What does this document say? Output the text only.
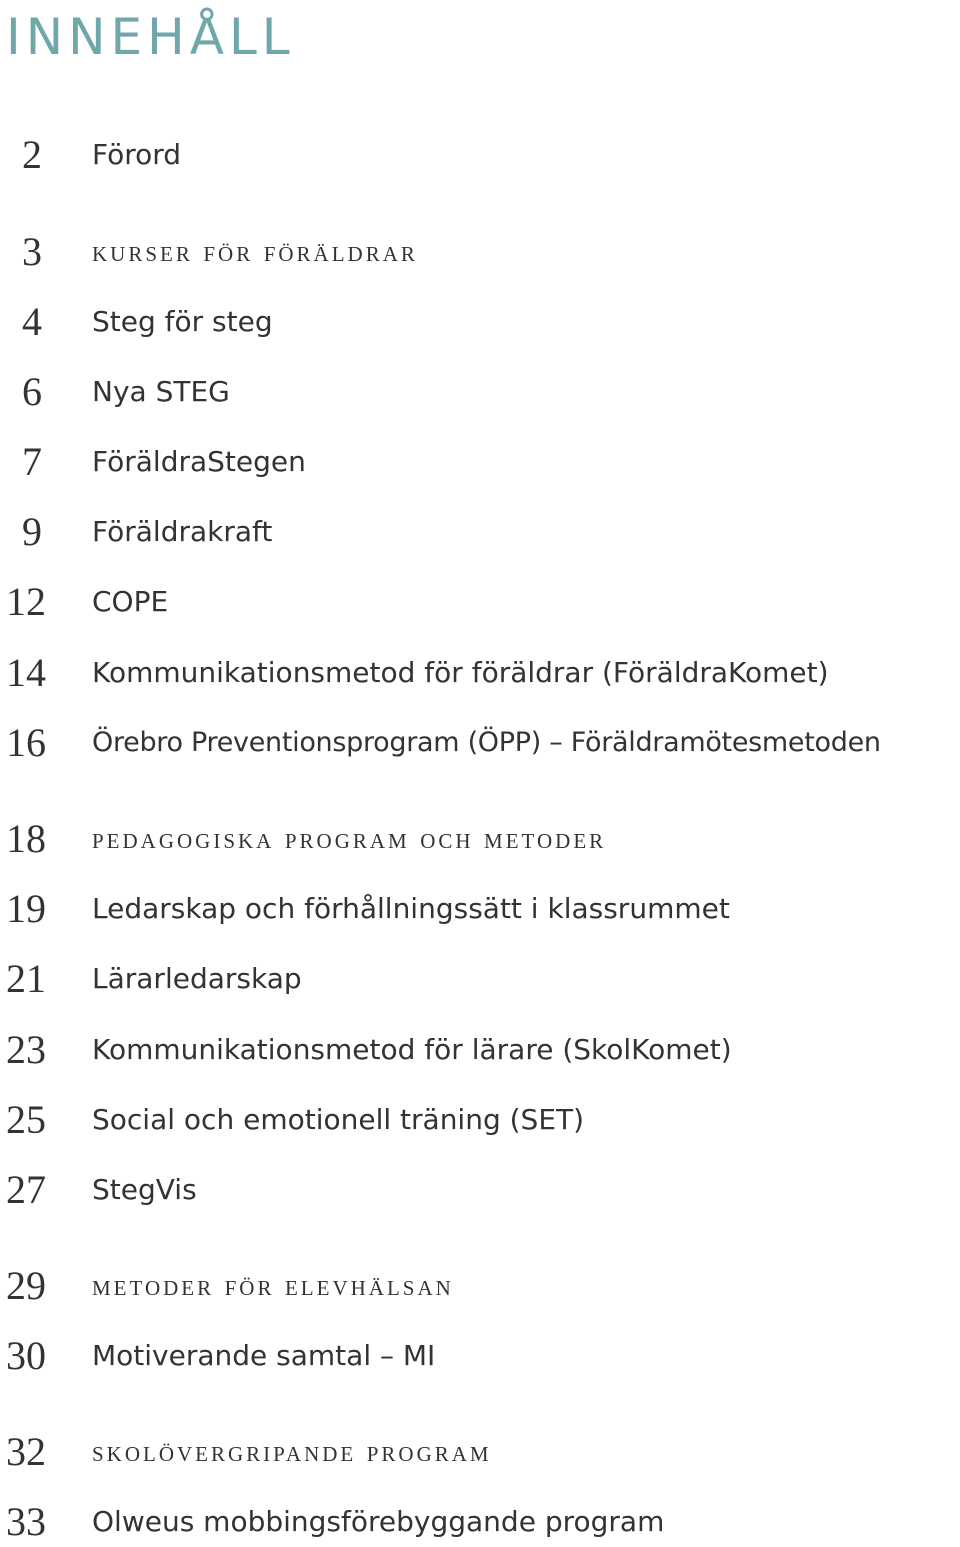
INNEHÅLL
2	Förord
3	kurser för föräldrar
4	Steg för steg
6	Nya STEG
7	FöräldraStegen
9	Föräldrakraft
12	COPE
14	Kommunikationsmetod för föräldrar (FöräldraKomet)
16	Örebro Preventionsprogram (ÖPP) – Föräldramötesmetoden
18	pedagogiska program och metoder
19	Ledarskap och förhållningssätt i klassrummet
21	Lärarledarskap
23	Kommunikationsmetod för lärare (SkolKomet)
25	Social och emotionell träning (SET)
27	StegVis
29	metoder för elevhälsan
30	Motiverande samtal – MI
32	skolövergripande program
33	Olweus mobbingsförebyggande program
